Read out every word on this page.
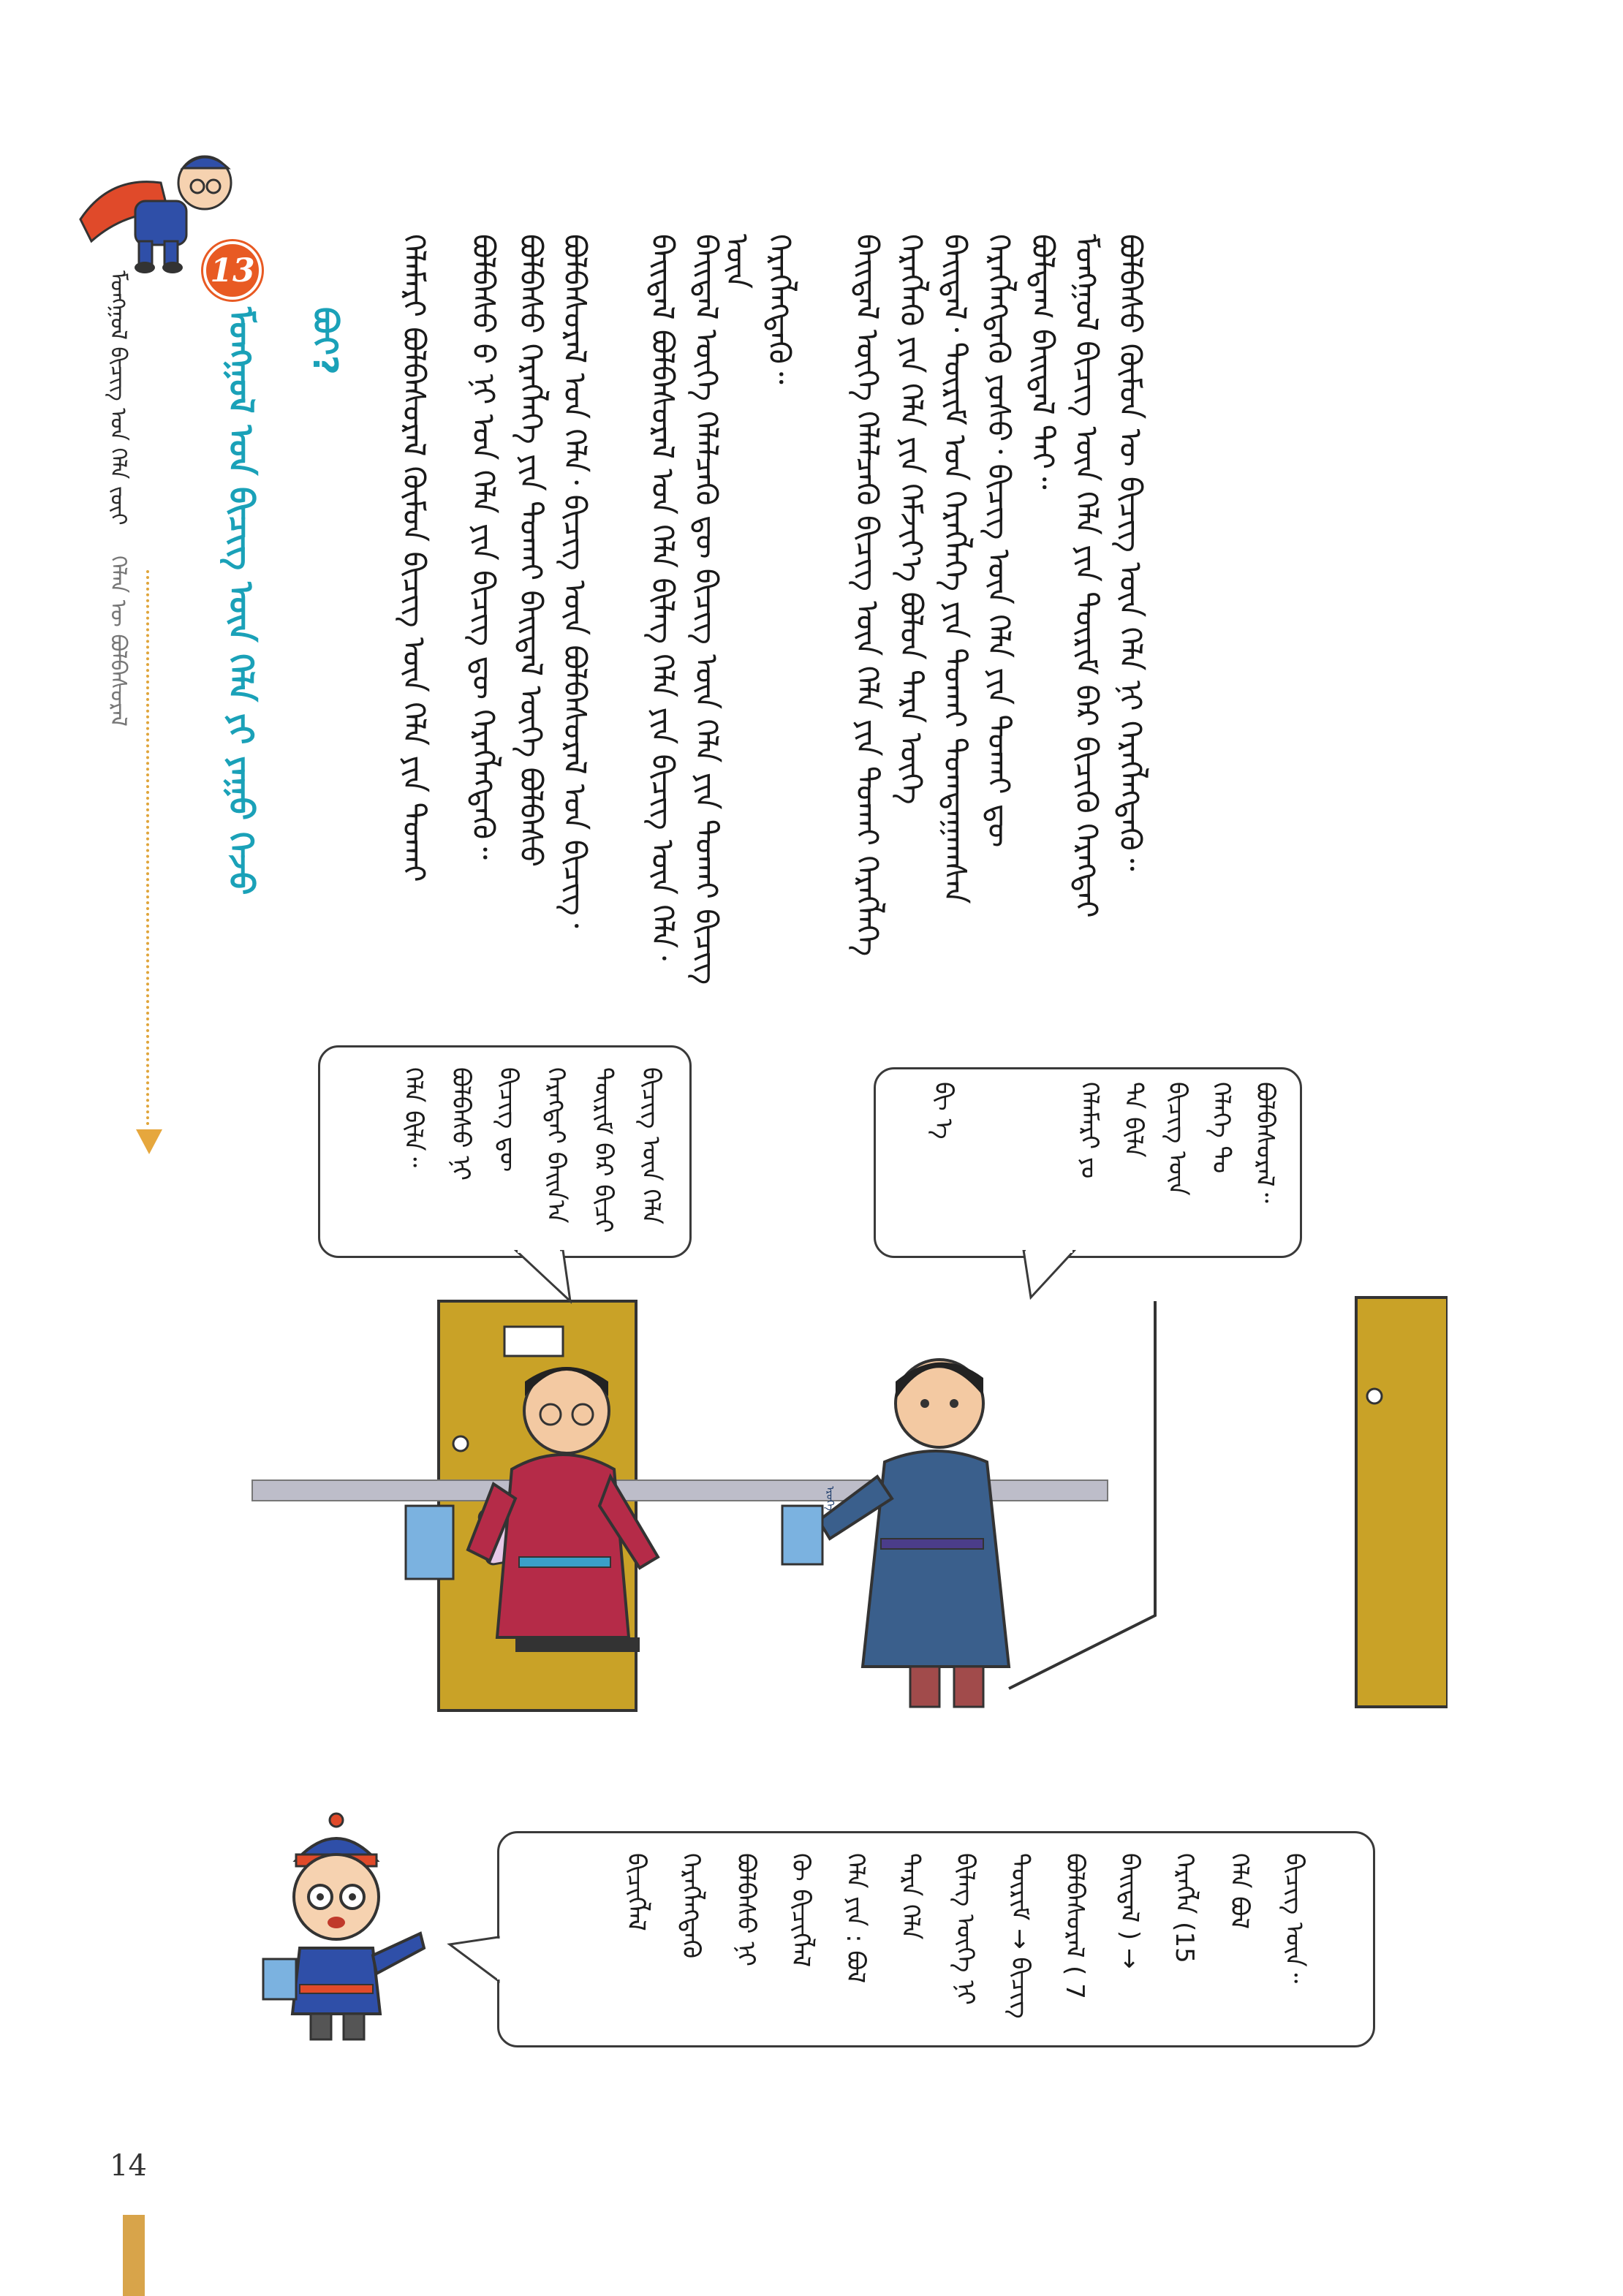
ᠮᠣᠩᠭᠣᠯ ᠪᠢᠴᠢᠭ᠌ ᠤᠨ ᠬᠡᠯᠡ ᠵᠦᠢ
ᠬᠡᠯᠡᠨ ᠦ ᠪᠣᠯᠪᠠᠰᠤᠷᠠᠯ
13
ᠮᠣᠩᠭᠣᠯ ᠤᠨ ᠪᠢᠴᠢᠭ᠌ ᠦᠨ ᠬᠡᠯᠡ ᠶᠢ ᠶᠠᠭᠤ ᠭᠡᠵᠦ ᠪᠣᠢ?	ᠪᠣᠯᠪᠠᠰᠤ ᠬᠦᠮᠦᠨ ᠦ ᠪᠢᠴᠢᠭ᠌ ᠦᠨ ᠬᠡᠯᠡ ᠨᠢ ᠬᠡᠷᠡᠭᠯᠡᠭᠳᠡᠭᠦ᠃
ᠮᠣᠩᠭᠣᠯ ᠪᠢᠴᠢᠭ᠌ ᠦᠨ ᠬᠡᠯᠡ ᠶᠢᠨ ᠳᠦᠷᠢᠮ ᠪᠡᠷ ᠪᠢᠴᠢᠬᠦ ᠬᠡᠷᠡᠭᠲᠡᠢ
ᠪᠣᠯᠳᠠᠭ ᠪᠠᠢᠳᠠᠯ ᠲᠠᠢ᠃
ᠬᠡᠷᠡᠭᠯᠡᠭᠳᠡᠬᠦ ᠶᠣᠰᠤ᠂ ᠪᠢᠴᠢᠭ ᠦᠨ ᠬᠡᠯᠡ ᠶᠢᠨ ᠲᠤᠬᠠᠢ ᠳᠦ
ᠪᠠᠢᠳᠠᠯ᠂ ᠳᠦᠷᠢᠮ ᠤᠨ ᠬᠡᠷᠡᠭᠯᠡᠭᠡ ᠶᠢᠨ ᠲᠤᠬᠠᠢ ᠲᠣᠭᠲᠠᠭᠠᠭᠰᠠᠨ
ᠬᠡᠷᠡᠭᠯᠡᠬᠦ ᠶᠢᠨ ᠬᠡᠯᠡ ᠶᠢᠨ ᠬᠡᠮᠵᠢᠶ᠎ᠡ ᠪᠣᠯᠤᠨ ᠲᠡᠷᠡ ᠦᠭᠡ
ᠪᠠᠢᠳᠠᠯ ᠦᠭᠡ ᠬᠡᠯᠡᠯᠴᠡᠬᠦ ᠪᠢᠴᠢᠭ ᠦᠨ ᠬᠡᠯᠡ ᠶᠢᠨ ᠲᠤᠬᠠᠢ ᠬᠡᠷᠡᠭᠯᠡᠭᠡ
ᠬᠡᠷᠡᠭᠯᠡᠭᠳᠡᠭᠦ᠃
ᠪᠠᠢᠳᠠᠯ ᠦᠭᠡ ᠬᠡᠯᠡᠯᠴᠡᠬᠦ ᠳᠦ ᠪᠢᠴᠢᠭ ᠦᠨ ᠬᠡᠯᠡ ᠶᠢᠨ ᠲᠤᠬᠠᠢ ᠪᠢᠴᠢᠭ ᠦᠨ
ᠪᠠᠢᠳᠠᠯ ᠪᠣᠯᠪᠠᠰᠤᠷᠠᠯ ᠤᠨ ᠬᠡᠯᠡ ᠪᠢᠯᠡᠭ ᠬᠡᠯᠡ ᠶᠢᠨ ᠪᠢᠴᠢᠭ ᠦᠨ ᠬᠡᠯᠡ᠂
ᠪᠣᠯᠪᠠᠰᠤᠷᠠᠯ ᠤᠨ ᠬᠡᠯᠡ᠂ ᠪᠢᠴᠢᠭ ᠦᠨ ᠪᠣᠯᠪᠠᠰᠤᠷᠠᠯ ᠤᠨ ᠪᠢᠴᠢᠭ᠂
ᠪᠣᠯᠪᠠᠰᠤ ᠬᠡᠷᠡᠭᠯᠡᠭᠡ ᠶᠢᠨ ᠲᠤᠬᠠᠢ ᠪᠠᠢᠳᠠᠯ ᠦᠭᠡ ᠪᠣᠯᠪᠠᠰᠤ
ᠪᠣᠯᠪᠠᠰᠤ ᠪ ᠨᠢ ᠤᠨ ᠬᠡᠯᠡ ᠶᠢᠨ ᠪᠢᠴᠢᠭ ᠳᠦ ᠬᠡᠷᠡᠭᠯᠡᠭᠳᠡᠭᠦ᠃
ᠬᠡᠯᠡᠮᠡᠷᠢ ᠪᠣᠯᠪᠠᠰᠤᠷᠠᠯ ᠬᠦᠮᠦᠨ ᠪᠢᠴᠢᠭ ᠦᠨ ᠬᠡᠯᠡ ᠶᠢᠨ ᠲᠤᠬᠠᠢ
ᠡᠷᠦᠬᠡ
ᠪᠢᠴᠢᠭ ᠦᠨ ᠬᠡᠯᠡ
ᠳᠦᠷᠢᠮ ᠪᠡᠷ ᠪᠢᠴᠢ
ᠬᠡᠷᠡᠭᠲᠡᠢ ᠪᠠᠢᠨ᠎ᠠ
ᠪᠢᠴᠢᠭ ᠳᠦ
ᠪᠣᠯᠪᠠᠰᠤ ᠨᠢ
ᠬᠡᠯᠡ ᠪᠢᠯᠡ᠃	ᠪᠣᠯᠪᠠᠰᠤᠷᠠᠯ᠃
ᠬᠡᠯᠡᠭᠡ ᠲᠤ
ᠪᠢᠴᠢᠭ ᠦᠨ
ᠲᠠ ᠪᠢᠯᠡ
ᠬᠡᠯᠡᠮᠡᠷᠢ ᠶᠤ
ᠪᠢ ᠡ
ᠪᠢᠴᠢᠭ ᠦᠨ᠃
ᠬᠡᠯᠡ ᠪᠣᠯ
ᠬᠡᠷᠡᠭᠯᠡ (15
ᠪᠠᠢᠳᠠᠯ ) →
ᠪᠣᠯᠪᠠᠰᠤᠷᠠᠯ ( 7
ᠳᠦᠷᠢᠮ → ᠪᠢᠴᠢᠭ
ᠪᠢᠯᠡᠭ ᠦᠭᠡ ᠨᠢ
ᠲᠡᠷᠡ ᠬᠡᠯᠡ
ᠬᠡᠯᠡ ᠶᠢᠨ : ᠪᠣᠯ
ᠬᠦ ᠪᠢᠴᠢᠭᠯᠡᠯ
ᠪᠣᠯᠪᠠᠰᠤ ᠨᠢ
ᠬᠡᠷᠡᠭᠯᠡᠭᠳᠡᠬᠦ
ᠪᠢᠴᠢᠭᠯᠡᠯ
14
